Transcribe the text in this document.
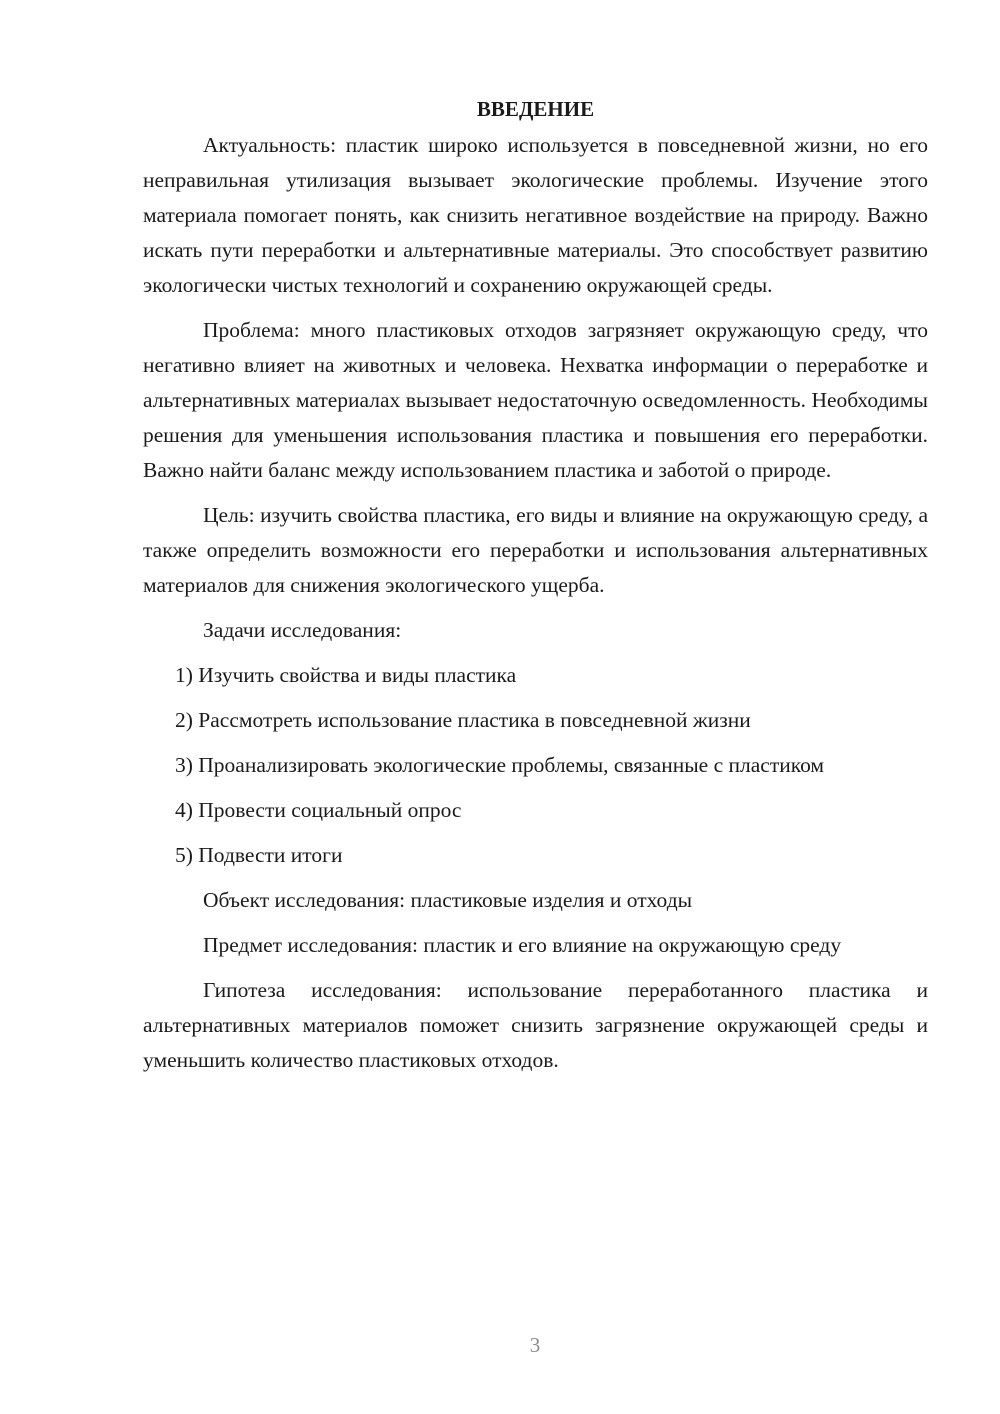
ВВЕДЕНИЕ

Актуальность: пластик широко используется в повседневной жизни, но его неправильная утилизация вызывает экологические проблемы. Изучение этого материала помогает понять, как снизить негативное воздействие на природу. Важно искать пути переработки и альтернативные материалы. Это способствует развитию экологически чистых технологий и сохранению окружающей среды.

Проблема: много пластиковых отходов загрязняет окружающую среду, что негативно влияет на животных и человека. Нехватка информации о переработке и альтернативных материалах вызывает недостаточную осведомленность. Необходимы решения для уменьшения использования пластика и повышения его переработки. Важно найти баланс между использованием пластика и заботой о природе.

Цель: изучить свойства пластика, его виды и влияние на окружающую среду, а также определить возможности его переработки и использования альтернативных материалов для снижения экологического ущерба.

Задачи исследования:

1) Изучить свойства и виды пластика

2) Рассмотреть использование пластика в повседневной жизни

3) Проанализировать экологические проблемы, связанные с пластиком

4) Провести социальный опрос

5) Подвести итоги

Объект исследования: пластиковые изделия и отходы

Предмет исследования: пластик и его влияние на окружающую среду

Гипотеза исследования: использование переработанного пластика и альтернативных материалов поможет снизить загрязнение окружающей среды и уменьшить количество пластиковых отходов.

3
